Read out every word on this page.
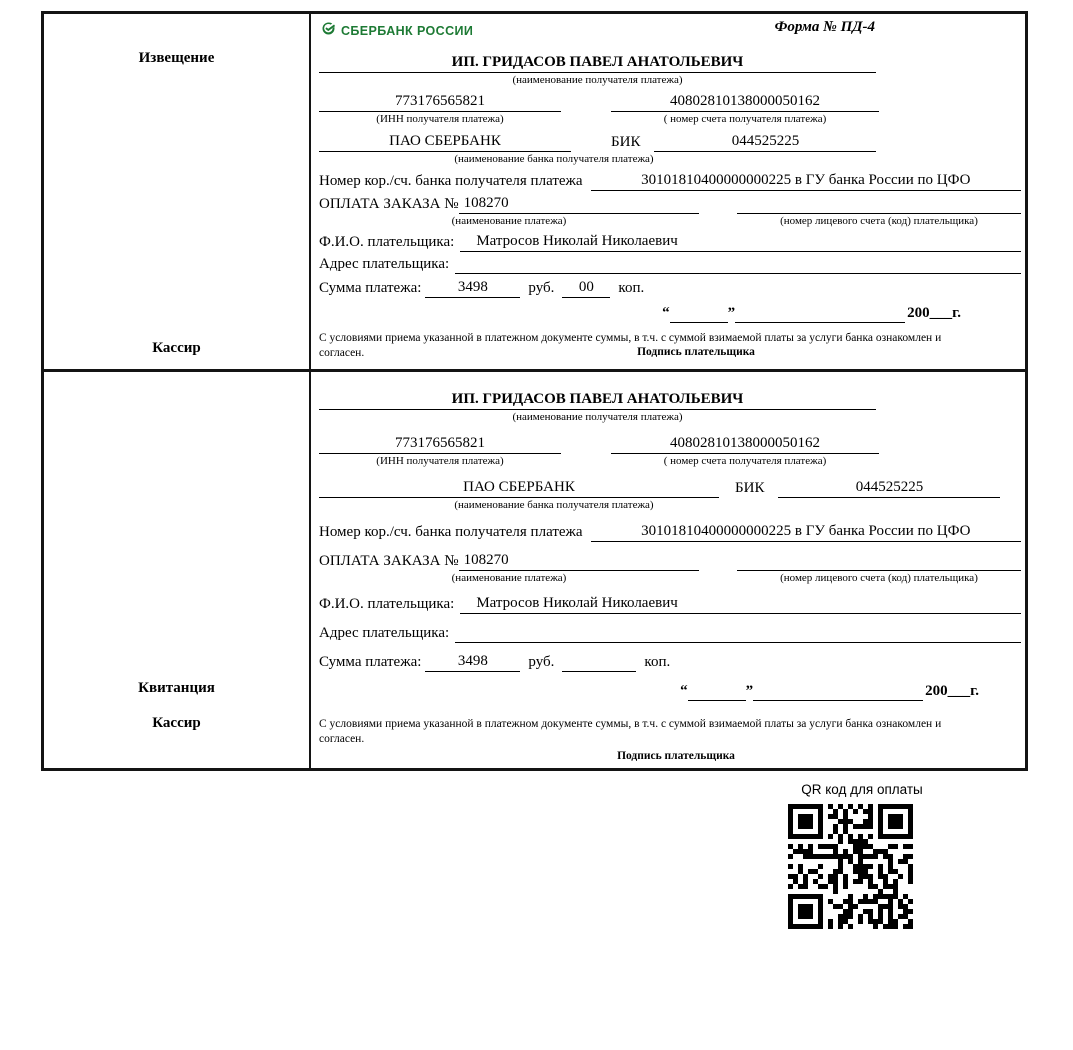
Извещение
Кассир
СБЕРБАНК РОССИИ	Форма № ПД-4
ИП. ГРИДАСОВ ПАВЕЛ АНАТОЛЬЕВИЧ
(наименование получателя платежа)
773176565821	40802810138000050162
(ИНН получателя платежа)	( номер счета получателя платежа)
ПАО СБЕРБАНК	БИК	044525225
(наименование банка получателя платежа)
Номер кор./сч. банка получателя платежа	30101810400000000225 в ГУ банка России по ЦФО
ОПЛАТА ЗАКАЗА № 108270
(наименование платежа)	(номер лицевого счета (код) плательщика)
Ф.И.О. плательщика:	Матросов Николай Николаевич
Адрес плательщика:
Сумма платежа:	3498	руб.	00	коп.
“	”	200___г.
С условиями приема указанной в платежном документе суммы, в т.ч. с суммой взимаемой платы за услуги банка ознакомлен и согласен.	Подпись плательщика
Квитанция
Кассир
ИП. ГРИДАСОВ ПАВЕЛ АНАТОЛЬЕВИЧ
(наименование получателя платежа)
773176565821	40802810138000050162
(ИНН получателя платежа)	( номер счета получателя платежа)
ПАО СБЕРБАНК	БИК	044525225
(наименование банка получателя платежа)
Номер кор./сч. банка получателя платежа	30101810400000000225 в ГУ банка России по ЦФО
ОПЛАТА ЗАКАЗА № 108270
(наименование платежа)	(номер лицевого счета (код) плательщика)
Ф.И.О. плательщика:	Матросов Николай Николаевич
Адрес плательщика:
Сумма платежа:	3498	руб.	коп.
“	”	200___г.
С условиями приема указанной в платежном документе суммы, в т.ч. с суммой взимаемой платы за услуги банка ознакомлен и согласен.
Подпись плательщика
QR код для оплаты
